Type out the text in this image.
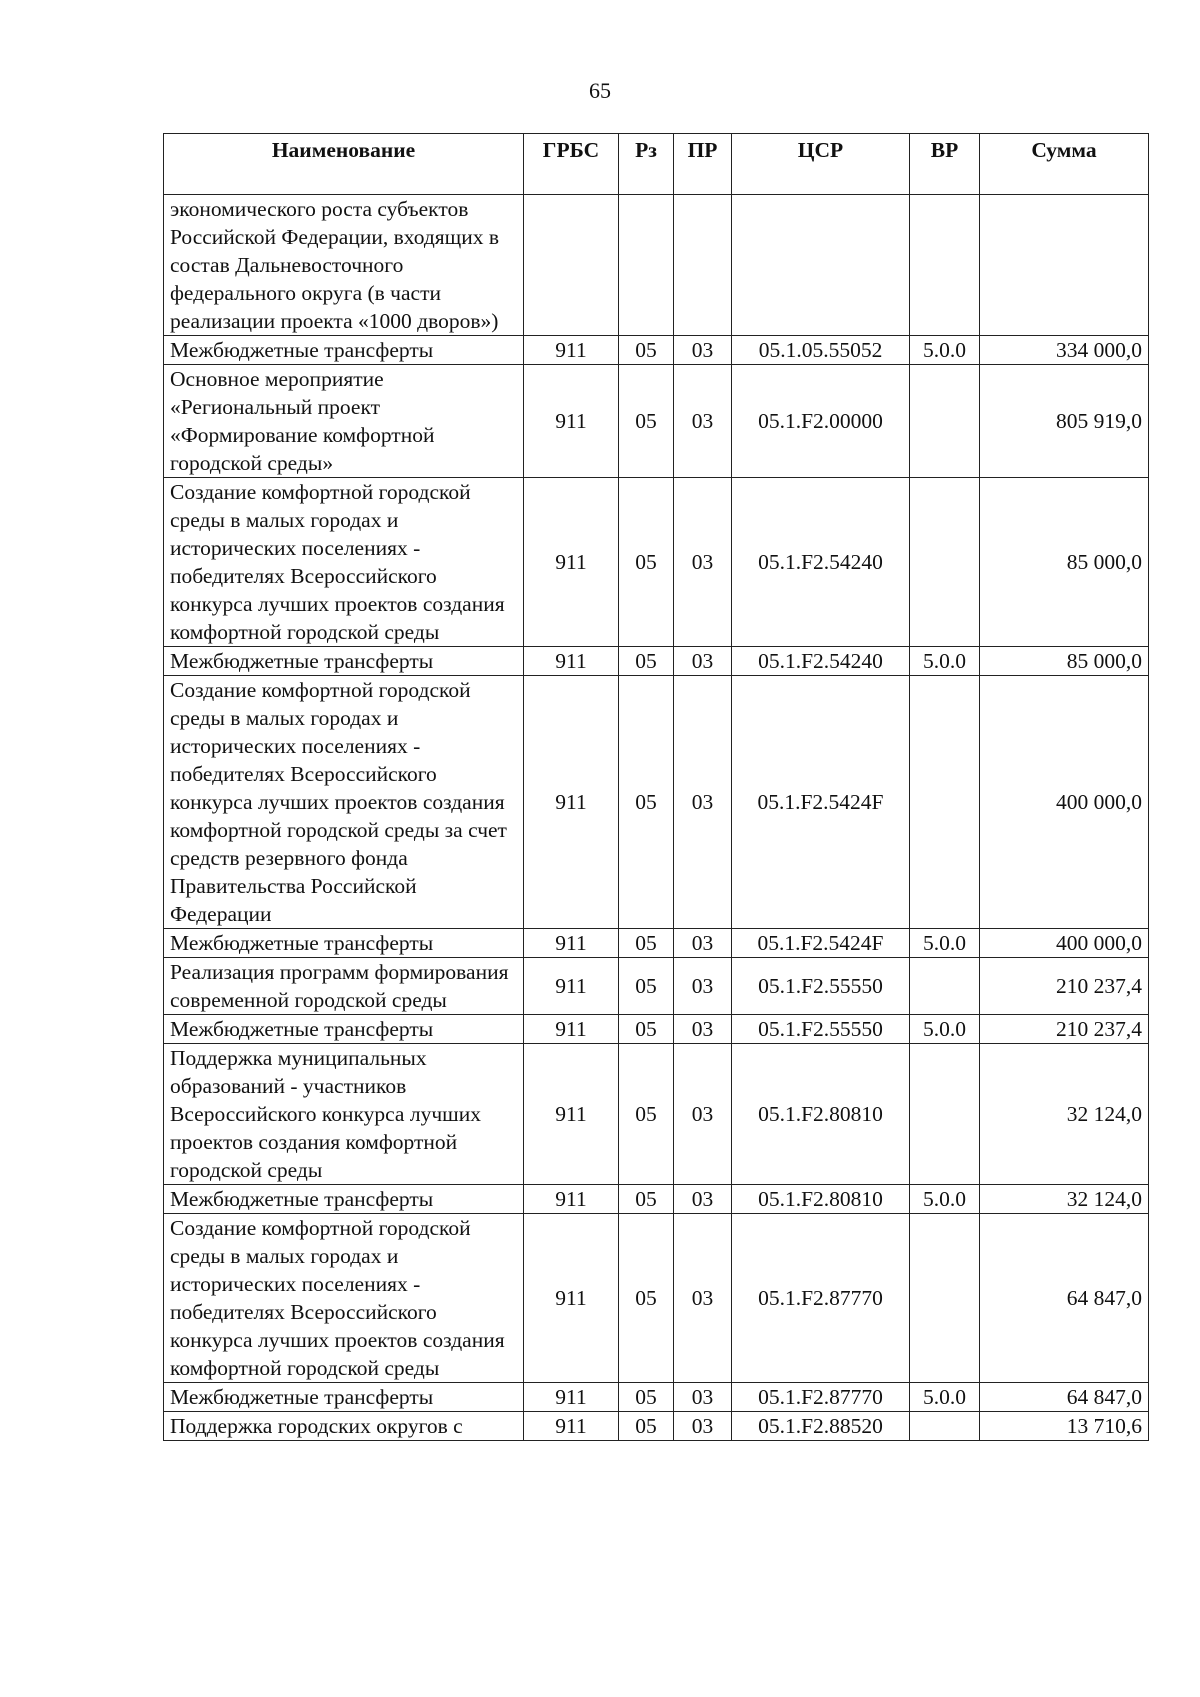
65
Наименование	ГРБС	Рз	ПР	ЦСР	ВР	Сумма
экономического роста субъектов Российской Федерации, входящих в состав Дальневосточного федерального округа (в части реализации проекта «1000 дворов»)						
Межбюджетные трансферты	911	05	03	05.1.05.55052	5.0.0	334 000,0
Основное мероприятие «Региональный проект «Формирование комфортной городской среды»	911	05	03	05.1.F2.00000		805 919,0
Создание комфортной городской среды в малых городах и исторических поселениях - победителях Всероссийского конкурса лучших проектов создания комфортной городской среды	911	05	03	05.1.F2.54240		85 000,0
Межбюджетные трансферты	911	05	03	05.1.F2.54240	5.0.0	85 000,0
Создание комфортной городской среды в малых городах и исторических поселениях - победителях Всероссийского конкурса лучших проектов создания комфортной городской среды за счет средств резервного фонда Правительства Российской Федерации	911	05	03	05.1.F2.5424F		400 000,0
Межбюджетные трансферты	911	05	03	05.1.F2.5424F	5.0.0	400 000,0
Реализация программ формирования современной городской среды	911	05	03	05.1.F2.55550		210 237,4
Межбюджетные трансферты	911	05	03	05.1.F2.55550	5.0.0	210 237,4
Поддержка муниципальных образований - участников Всероссийского конкурса лучших проектов создания комфортной городской среды	911	05	03	05.1.F2.80810		32 124,0
Межбюджетные трансферты	911	05	03	05.1.F2.80810	5.0.0	32 124,0
Создание комфортной городской среды в малых городах и исторических поселениях - победителях Всероссийского конкурса лучших проектов создания комфортной городской среды	911	05	03	05.1.F2.87770		64 847,0
Межбюджетные трансферты	911	05	03	05.1.F2.87770	5.0.0	64 847,0
Поддержка городских округов с	911	05	03	05.1.F2.88520		13 710,6
